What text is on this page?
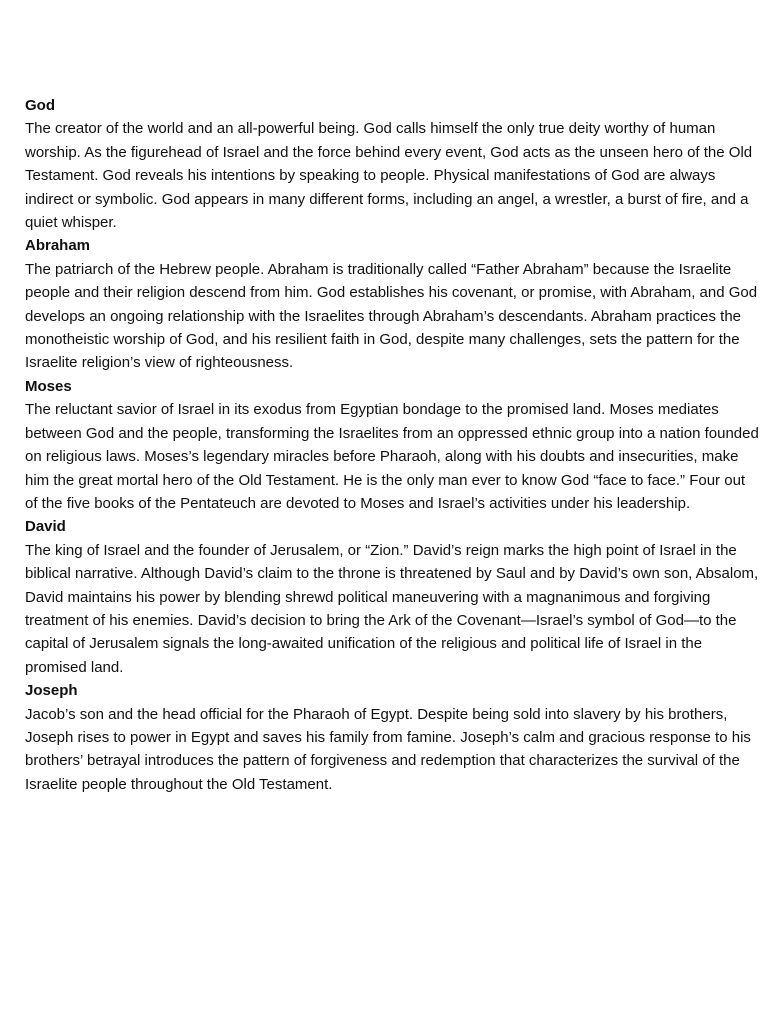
God

The creator of the world and an all-powerful being. God calls himself the only true deity worthy of human worship. As the figurehead of Israel and the force behind every event, God acts as the unseen hero of the Old Testament. God reveals his intentions by speaking to people. Physical manifestations of God are always indirect or symbolic. God appears in many different forms, including an angel, a wrestler, a burst of fire, and a quiet whisper.

Abraham

The patriarch of the Hebrew people. Abraham is traditionally called “Father Abraham” because the Israelite people and their religion descend from him. God establishes his covenant, or promise, with Abraham, and God develops an ongoing relationship with the Israelites through Abraham’s descendants. Abraham practices the monotheistic worship of God, and his resilient faith in God, despite many challenges, sets the pattern for the Israelite religion’s view of righteousness.

Moses

The reluctant savior of Israel in its exodus from Egyptian bondage to the promised land. Moses mediates between God and the people, transforming the Israelites from an oppressed ethnic group into a nation founded on religious laws. Moses’s legendary miracles before Pharaoh, along with his doubts and insecurities, make him the great mortal hero of the Old Testament. He is the only man ever to know God “face to face.” Four out of the five books of the Pentateuch are devoted to Moses and Israel’s activities under his leadership.

David

The king of Israel and the founder of Jerusalem, or “Zion.” David’s reign marks the high point of Israel in the biblical narrative. Although David’s claim to the throne is threatened by Saul and by David’s own son, Absalom, David maintains his power by blending shrewd political maneuvering with a magnanimous and forgiving treatment of his enemies. David’s decision to bring the Ark of the Covenant—Israel’s symbol of God—to the capital of Jerusalem signals the long-awaited unification of the religious and political life of Israel in the promised land.

Joseph

Jacob’s son and the head official for the Pharaoh of Egypt. Despite being sold into slavery by his brothers, Joseph rises to power in Egypt and saves his family from famine. Joseph’s calm and gracious response to his brothers’ betrayal introduces the pattern of forgiveness and redemption that characterizes the survival of the Israelite people throughout the Old Testament.
